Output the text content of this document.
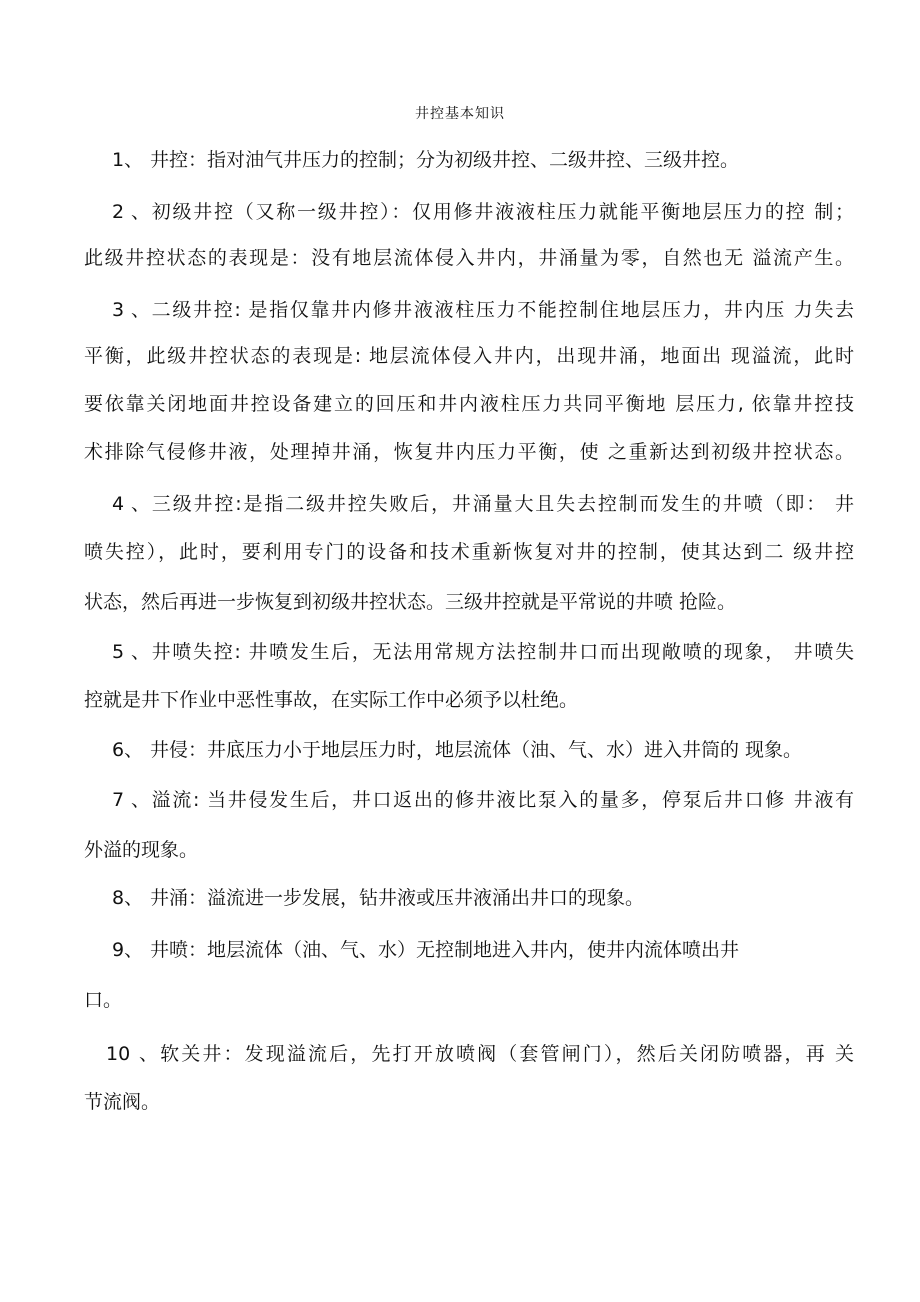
井控基本知识
1、 井控：指对油气井压力的控制；分为初级井控、二级井控、三级井控。
2、初级井控（又称一级井控）：仅用修井液液柱压力就能平衡地层压力的控 制；
此级井控状态的表现是：没有地层流体侵入井内，井涌量为零，自然也无 溢流产生。
3、二级井控: 是指仅靠井内修井液液柱压力不能控制住地层压力，井内压 力失去
平衡，此级井控状态的表现是: 地层流体侵入井内，出现井涌，地面出 现溢流，此时
要依靠关闭地面井控设备建立的回压和井内液柱压力共同平衡地 层压力, 依靠井控技
术排除气侵修井液，处理掉井涌，恢复井内压力平衡，使 之重新达到初级井控状态。
4、三级井控:是指二级井控失败后，井涌量大且失去控制而发生的井喷（即： 井
喷失控），此时，要利用专门的设备和技术重新恢复对井的控制，使其达到二 级井控
状态，然后再进一步恢复到初级井控状态。三级井控就是平常说的井喷 抢险。
5、井喷失控: 井喷发生后，无法用常规方法控制井口而出现敞喷的现象， 井喷失
控就是井下作业中恶性事故，在实际工作中必须予以杜绝。
6、 井侵：井底压力小于地层压力时，地层流体（油、气、水）进入井筒的 现象。
7、溢流: 当井侵发生后，井口返出的修井液比泵入的量多，停泵后井口修 井液有
外溢的现象。
8、 井涌：溢流进一步发展，钻井液或压井液涌出井口的现象。
9、 井喷：地层流体（油、气、水）无控制地进入井内，使井内流体喷出井
口。
10、软关井：发现溢流后，先打开放喷阀（套管闸门），然后关闭防喷器，再 关
节流阀。
